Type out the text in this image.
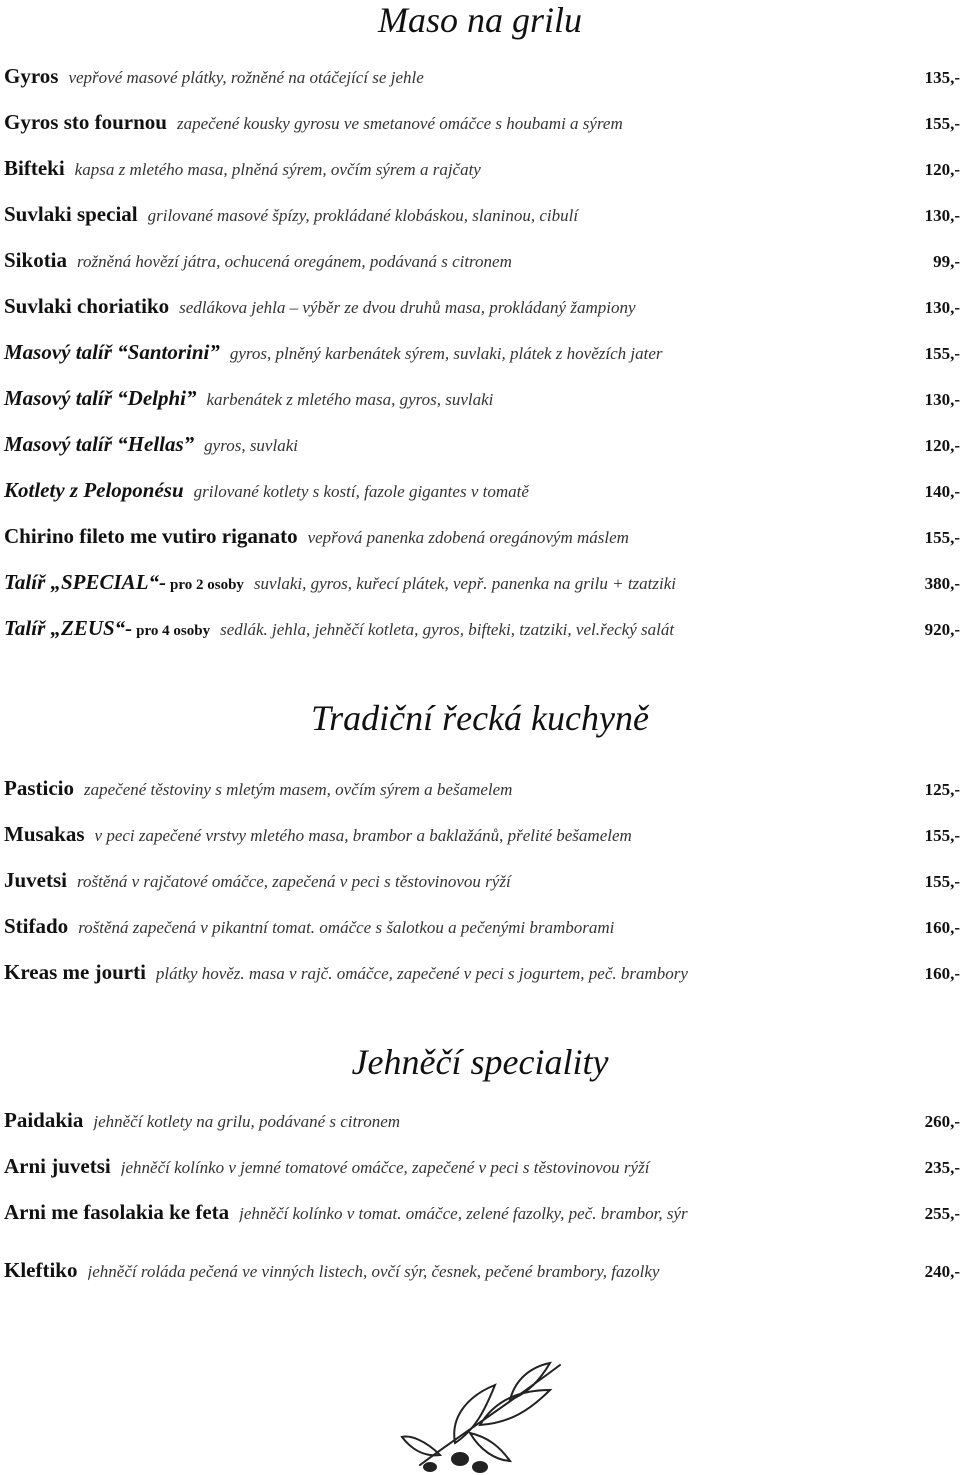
Maso na grilu
Gyros vepřové masové plátky, rožněné na otáčející se jehle	135,-
Gyros sto fournou zapečené kousky gyrosu ve smetanové omáčce s houbami a sýrem	155,-
Bifteki kapsa z mletého masa, plněná sýrem, ovčím sýrem a rajčaty	120,-
Suvlaki special grilované masové špízy, prokládané klobáskou, slaninou, cibulí	130,-
Sikotia rožněná hovězí játra, ochucená oregánem, podávaná s citronem	99,-
Suvlaki choriatiko sedlákova jehla – výběr ze dvou druhů masa, prokládaný žampiony	130,-
Masový talíř “Santorini” gyros, plněný karbenátek sýrem, suvlaki, plátek z hovězích jater	155,-
Masový talíř “Delphi” karbenátek z mletého masa, gyros, suvlaki	130,-
Masový talíř “Hellas” gyros, suvlaki	120,-
Kotlety z Peloponésu grilované kotlety s kostí, fazole gigantes v tomatě	140,-
Chirino fileto me vutiro riganato vepřová panenka zdobená oregánovým máslem	155,-
Talíř „SPECIAL“- pro 2 osoby suvlaki, gyros, kuřecí plátek, vepř. panenka na grilu + tzatziki	380,-
Talíř „ZEUS“- pro 4 osoby sedlák. jehla, jehněčí kotleta, gyros, bifteki, tzatziki, vel.řecký salát	920,-
Tradiční řecká kuchyně
Pasticio zapečené těstoviny s mletým masem, ovčím sýrem a bešamelem	125,-
Musakas v peci zapečené vrstvy mletého masa, brambor a baklažánů, přelité bešamelem	155,-
Juvetsi roštěná v rajčatové omáčce, zapečená v peci s těstovinovou rýží	155,-
Stifado roštěná zapečená v pikantní tomat. omáčce s šalotkou a pečenými bramborami	160,-
Kreas me jourti plátky hověz. masa v rajč. omáčce, zapečené v peci s jogurtem, peč. brambory	160,-
Jehněčí speciality
Paidakia jehněčí kotlety na grilu, podávané s citronem	260,-
Arni juvetsi jehněčí kolínko v jemné tomatové omáčce, zapečené v peci s těstovinovou rýží	235,-
Arni me fasolakia ke feta jehněčí kolínko v tomat. omáčce, zelené fazolky, peč. brambor, sýr	255,-
Kleftiko jehněčí roláda pečená ve vinných listech, ovčí sýr, česnek, pečené brambory, fazolky	240,-
